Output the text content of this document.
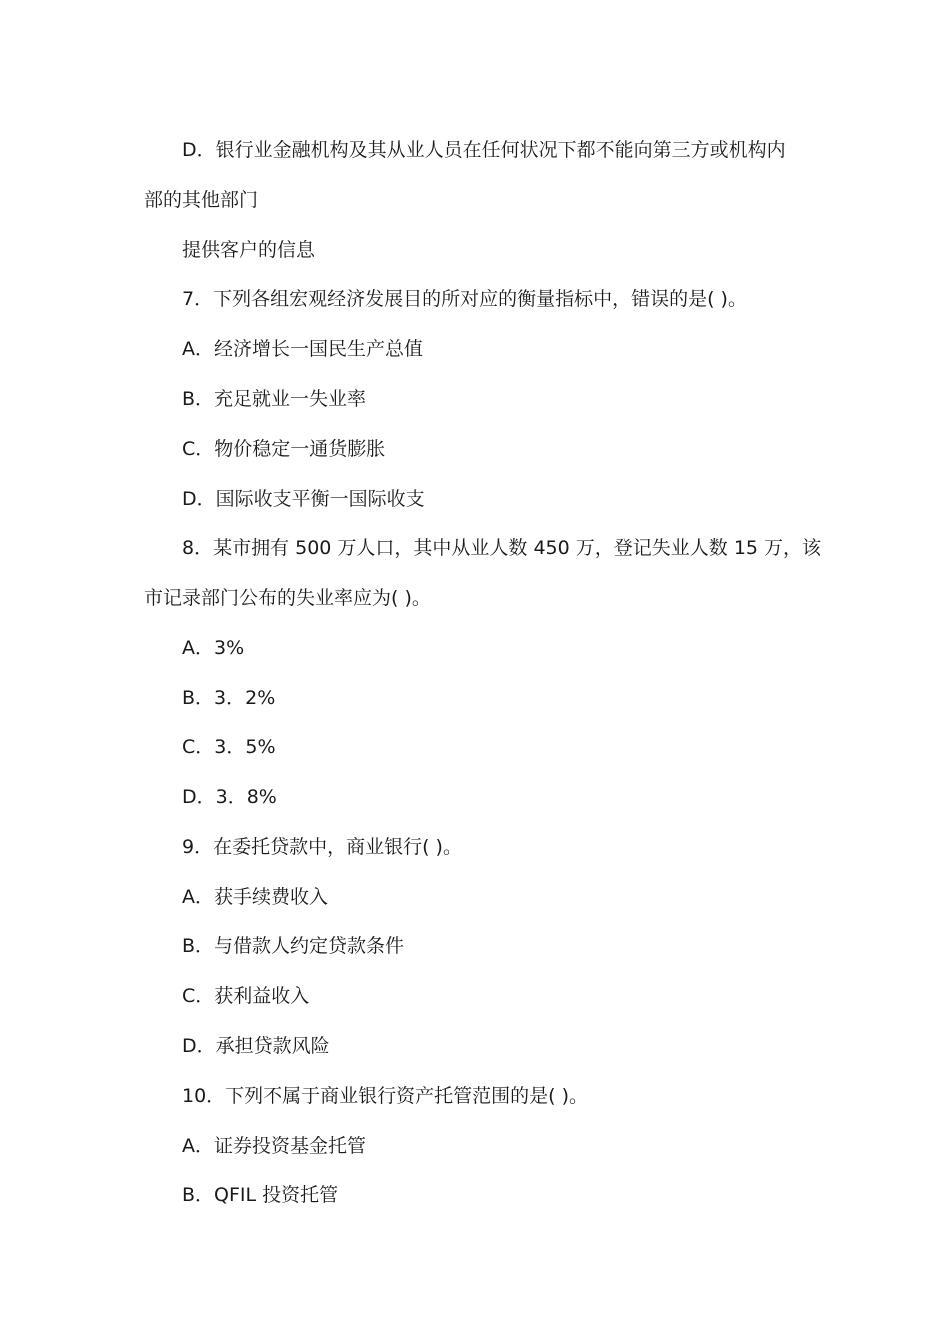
D．银行业金融机构及其从业人员在任何状况下都不能向第三方或机构内
部的其他部门
提供客户的信息
7．下列各组宏观经济发展目的所对应的衡量指标中，错误的是( )。
A．经济增长一国民生产总值
B．充足就业一失业率
C．物价稳定一通货膨胀
D．国际收支平衡一国际收支
8．某市拥有 500 万人口，其中从业人数 450 万，登记失业人数 15 万，该
市记录部门公布的失业率应为( )。
A．3%
B．3．2%
C．3．5%
D．3．8%
9．在委托贷款中，商业银行( )。
A．获手续费收入
B．与借款人约定贷款条件
C．获利益收入
D．承担贷款风险
10．下列不属于商业银行资产托管范围的是( )。
A．证券投资基金托管
B．QFIL 投资托管
